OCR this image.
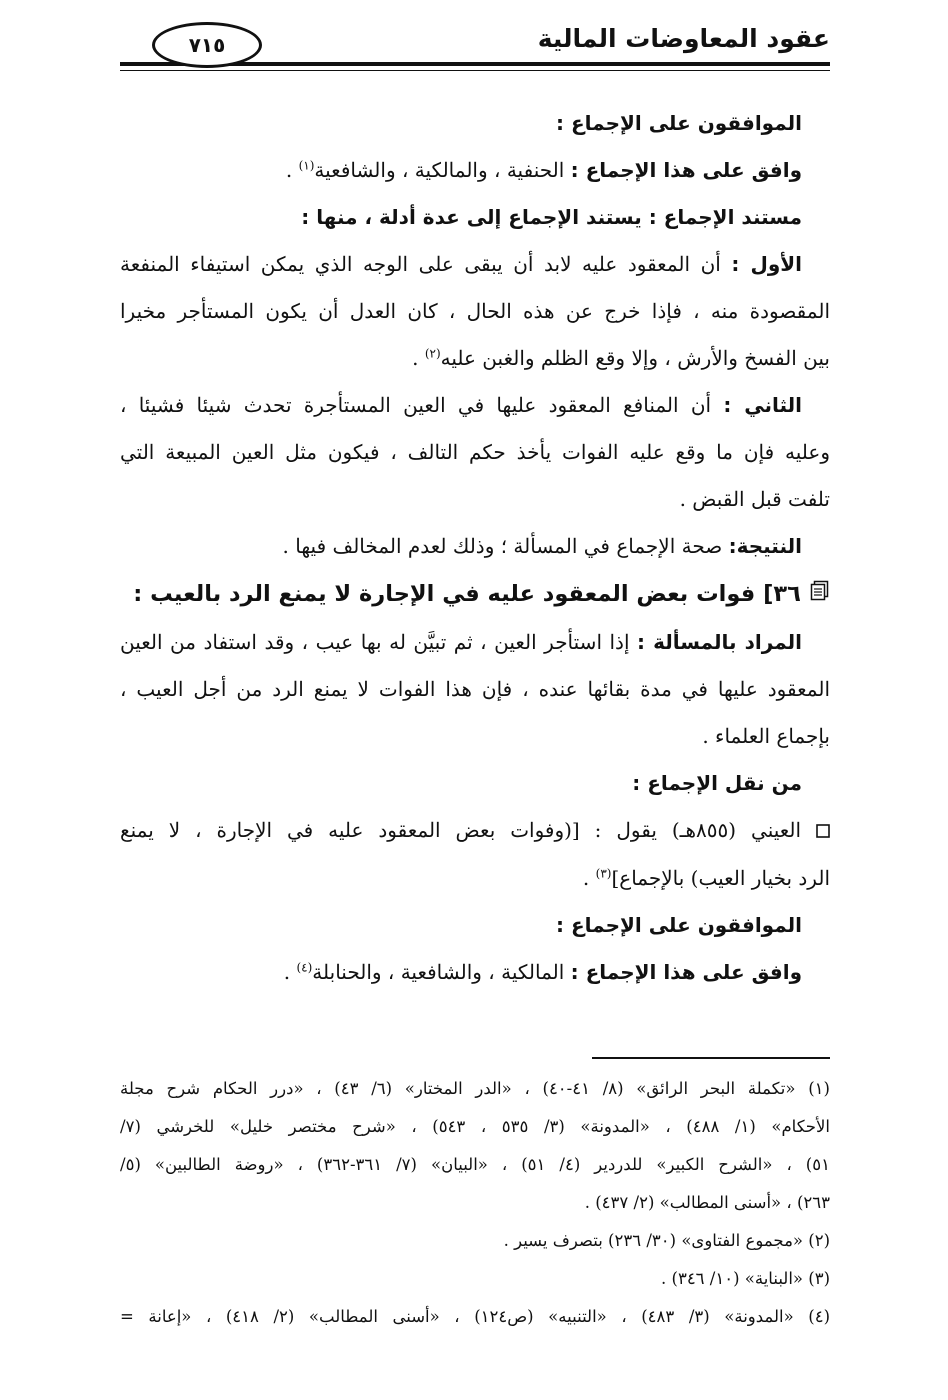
عقود المعاوضات المالية
٧١٥
الموافقون على الإجماع :
وافق على هذا الإجماع : الحنفية ، والمالكية ، والشافعية$^{(١)}$ .
مستند الإجماع : يستند الإجماع إلى عدة أدلة ، منها :
الأول : أن المعقود عليه لابد أن يبقى على الوجه الذي يمكن استيفاء المنفعة
المقصودة منه ، فإذا خرج عن هذه الحال ، كان العدل أن يكون المستأجر مخيرا
بين الفسخ والأرش ، وإلا وقع الظلم والغبن عليه$^{(٢)}$ .
الثاني : أن المنافع المعقود عليها في العين المستأجرة تحدث شيئا فشيئا ،
وعليه فإن ما وقع عليه الفوات يأخذ حكم التالف ، فيكون مثل العين المبيعة التي
تلفت قبل القبض .
النتيجة: صحة الإجماع في المسألة ؛ وذلك لعدم المخالف فيها .
٣٦] فوات بعض المعقود عليه في الإجارة لا يمنع الرد بالعيب :
المراد بالمسألة : إذا استأجر العين ، ثم تبيَّن له بها عيب ، وقد استفاد من العين
المعقود عليها في مدة بقائها عنده ، فإن هذا الفوات لا يمنع الرد من أجل العيب ،
بإجماع العلماء .
من نقل الإجماع :
العيني (٨٥٥هـ) يقول : [(وفوات بعض المعقود عليه في الإجارة ، لا يمنع
الرد بخيار العيب) بالإجماع]$^{(٣)}$ .
الموافقون على الإجماع :
وافق على هذا الإجماع : المالكية ، والشافعية ، والحنابلة$^{(٤)}$ .
(١) «تكملة البحر الرائق» (٨/ ٤١-٤٠) ، «الدر المختار» (٦/ ٤٣) ، «درر الحكام شرح مجلة
الأحكام» (١/ ٤٨٨) ، «المدونة» (٣/ ٥٣٥ ، ٥٤٣) ، «شرح مختصر خليل» للخرشي (٧/
٥١) ، «الشرح الكبير» للدردير (٤/ ٥١) ، «البيان» (٧/ ٣٦١-٣٦٢) ، «روضة الطالبين» (٥/
٢٦٣) ، «أسنى المطالب» (٢/ ٤٣٧) .
(٢) «مجموع الفتاوى» (٣٠/ ٢٣٦) بتصرف يسير .
(٣) «البناية» (١٠/ ٣٤٦) .
(٤) «المدونة» (٣/ ٤٨٣) ، «التنبيه» (ص١٢٤) ، «أسنى المطالب» (٢/ ٤١٨) ، «إعانة =
